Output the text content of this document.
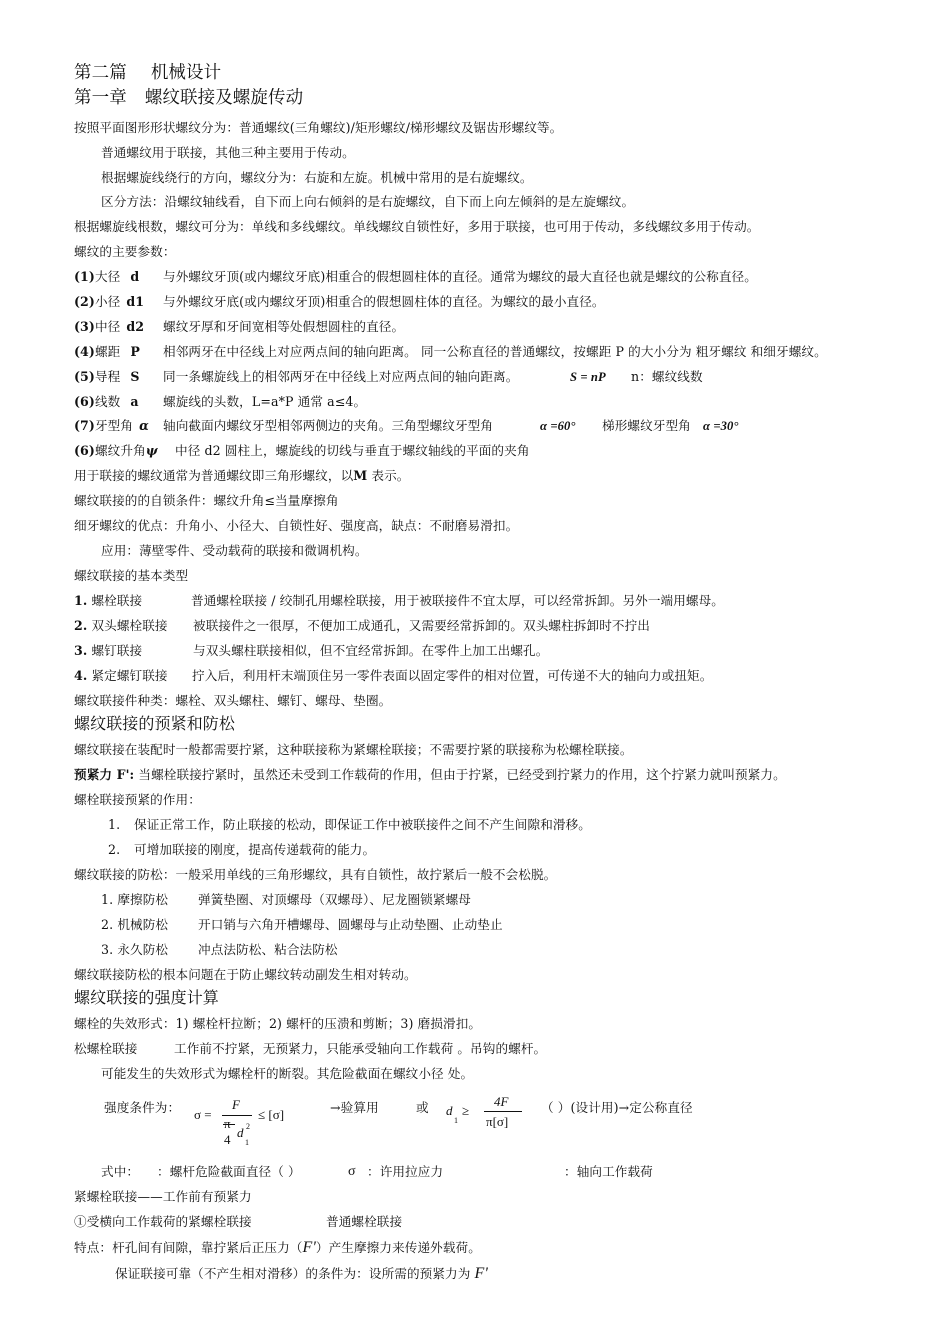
第二篇 机械设计
第一章 螺纹联接及螺旋传动
按照平面图形形状螺纹分为：普通螺纹(三角螺纹)/矩形螺纹/梯形螺纹及锯齿形螺纹等。
普通螺纹用于联接，其他三种主要用于传动。
根据螺旋线绕行的方向，螺纹分为：右旋和左旋。机械中常用的是右旋螺纹。
区分方法：沿螺纹轴线看，自下而上向右倾斜的是右旋螺纹，自下而上向左倾斜的是左旋螺纹。
根据螺旋线根数，螺纹可分为：单线和多线螺纹。单线螺纹自锁性好，多用于联接，也可用于传动，多线螺纹多用于传动。
螺纹的主要参数：
(1)大径 d 与外螺纹牙顶(或内螺纹牙底)相重合的假想圆柱体的直径。通常为螺纹的最大直径也就是螺纹的公称直径。
(2)小径 d1 与外螺纹牙底(或内螺纹牙顶)相重合的假想圆柱体的直径。为螺纹的最小直径。
(3)中径 d2 螺纹牙厚和牙间宽相等处假想圆柱的直径。
(4)螺距 P 相邻两牙在中径线上对应两点间的轴向距离。 同一公称直径的普通螺纹，按螺距 P 的大小分为 粗牙螺纹 和细牙螺纹。
(5)导程 S 同一条螺旋线上的相邻两牙在中径线上对应两点间的轴向距离。	S = nP n：螺纹线数
(6)线数 a 螺旋线的头数，L=a*P 通常 a≤4。
(7)牙型角 α 轴向截面内螺纹牙型相邻两侧边的夹角。三角型螺纹牙型角	α =60° 梯形螺纹牙型角 α =30°
(6)螺纹升角ψ 中径 d2 圆柱上，螺旋线的切线与垂直于螺纹轴线的平面的夹角
用于联接的螺纹通常为普通螺纹即三角形螺纹，以M 表示。
螺纹联接的的自锁条件：螺纹升角≤当量摩擦角
细牙螺纹的优点：升角小、小径大、自锁性好、强度高，缺点：不耐磨易滑扣。
应用：薄壁零件、受动载荷的联接和微调机构。
螺纹联接的基本类型
1. 螺栓联接	普通螺栓联接 / 绞制孔用螺栓联接，用于被联接件不宜太厚，可以经常拆卸。另外一端用螺母。
2. 双头螺栓联接 被联接件之一很厚，不便加工成通孔，又需要经常拆卸的。双头螺柱拆卸时不拧出
3. 螺钉联接	与双头螺柱联接相似，但不宜经常拆卸。在零件上加工出螺孔。
4. 紧定螺钉联接 拧入后，利用杆末端顶住另一零件表面以固定零件的相对位置，可传递不大的轴向力或扭矩。
螺纹联接件种类：螺栓、双头螺柱、螺钉、螺母、垫圈。
螺纹联接的预紧和防松
螺纹联接在装配时一般都需要拧紧，这种联接称为紧螺栓联接；不需要拧紧的联接称为松螺栓联接。
预紧力 F': 当螺栓联接拧紧时，虽然还未受到工作载荷的作用，但由于拧紧，已经受到拧紧力的作用，这个拧紧力就叫预紧力。
螺栓联接预紧的作用：
1. 保证正常工作，防止联接的松动，即保证工作中被联接件之间不产生间隙和滑移。
2. 可增加联接的刚度，提高传递载荷的能力。
螺纹联接的防松：一般采用单线的三角形螺纹，具有自锁性，故拧紧后一般不会松脱。
1. 摩擦防松 弹簧垫圈、对顶螺母（双螺母）、尼龙圈锁紧螺母
2. 机械防松 开口销与六角开槽螺母、圆螺母与止动垫圈、止动垫止
3. 永久防松 冲点法防松、粘合法防松
螺纹联接防松的根本问题在于防止螺纹转动副发生相对转动。
螺纹联接的强度计算
螺栓的失效形式：1) 螺栓杆拉断；2) 螺杆的压溃和剪断；3) 磨损滑扣。
松螺栓联接	工作前不拧紧，无预紧力，只能承受轴向工作载荷 。吊钩的螺杆。
可能发生的失效形式为螺栓杆的断裂。其危险截面在螺纹小径 处。
强度条件为： σ =
F
4 d
1
2
≤ [σ]	→验算用	或 d
1
≥
4F
π[σ]
（ ）(设计用)→定公称直径
式中： ：螺杆危险截面直径（ ）	σ ：许用拉应力	：轴向工作载荷
紧螺栓联接——工作前有预紧力
①受横向工作载荷的紧螺栓联接	普通螺栓联接
特点：杆孔间有间隙，靠拧紧后正压力（F'）产生摩擦力来传递外载荷。
保证联接可靠（不产生相对滑移）的条件为：设所需的预紧力为 F'
